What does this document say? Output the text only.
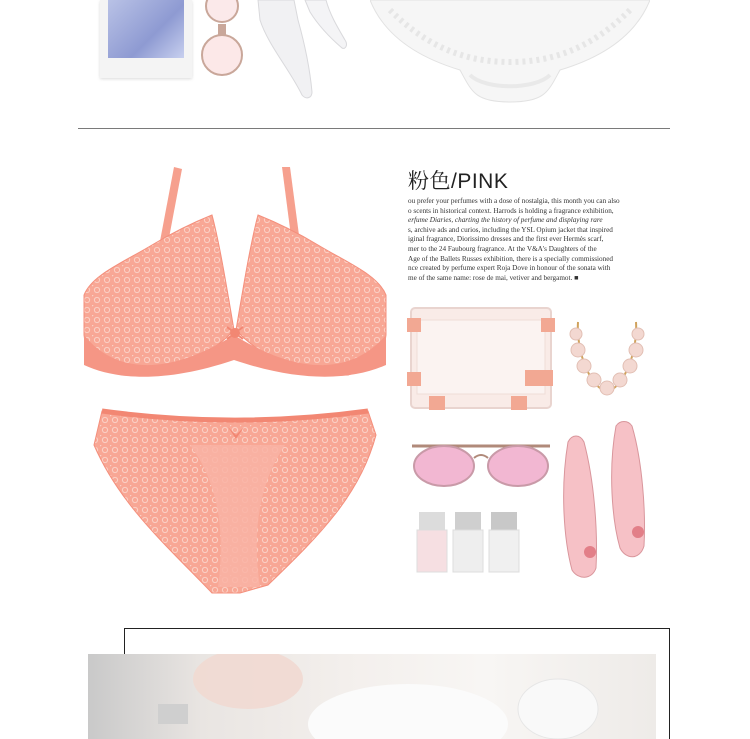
粉色/PINK
ou prefer your perfumes with a dose of nostalgia, this month you can also
o scents in historical context. Harrods is holding a fragrance exhibition,
erfume Diaries, charting the history of perfume and displaying rare
s, archive ads and curios, including the YSL Opium jacket that inspired
iginal fragrance, Diorissimo dresses and the first ever Hermès scarf,
mer to the 24 Faubourg fragrance. At the V&A's Daughters of the
Age of the Ballets Russes exhibition, there is a specially commissioned
nce created by perfume expert Roja Dove in honour of the sonata with
me of the same name: rose de mai, vetiver and bergamot. ■
